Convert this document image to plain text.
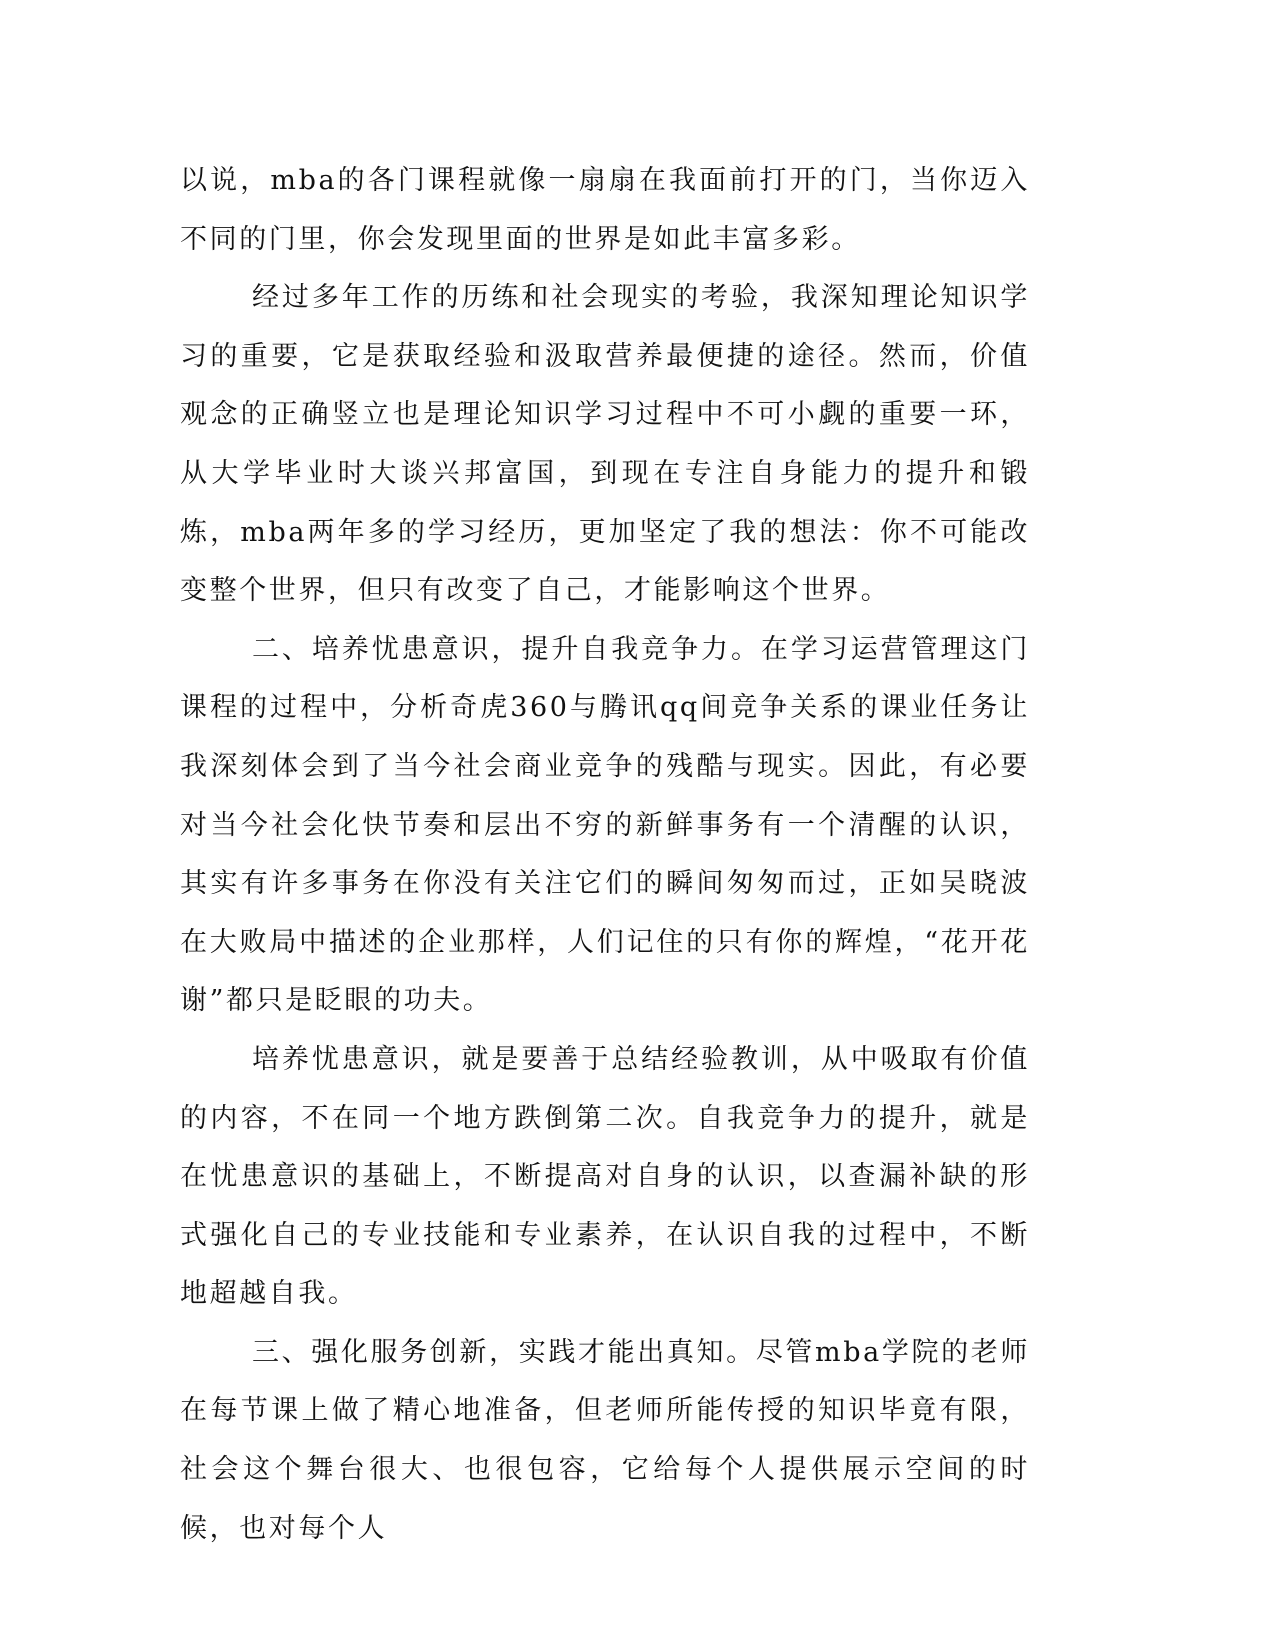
以说，mba的各门课程就像一扇扇在我面前打开的门，当你迈入不同的门里，你会发现里面的世界是如此丰富多彩。

经过多年工作的历练和社会现实的考验，我深知理论知识学习的重要，它是获取经验和汲取营养最便捷的途径。然而，价值观念的正确竖立也是理论知识学习过程中不可小觑的重要一环，从大学毕业时大谈兴邦富国，到现在专注自身能力的提升和锻炼，mba两年多的学习经历，更加坚定了我的想法：你不可能改变整个世界，但只有改变了自己，才能影响这个世界。

二、培养忧患意识，提升自我竞争力。在学习运营管理这门课程的过程中，分析奇虎360与腾讯qq间竞争关系的课业任务让我深刻体会到了当今社会商业竞争的残酷与现实。因此，有必要对当今社会化快节奏和层出不穷的新鲜事务有一个清醒的认识，其实有许多事务在你没有关注它们的瞬间匆匆而过，正如吴晓波在大败局中描述的企业那样，人们记住的只有你的辉煌，“花开花谢”都只是眨眼的功夫。

培养忧患意识，就是要善于总结经验教训，从中吸取有价值的内容，不在同一个地方跌倒第二次。自我竞争力的提升，就是在忧患意识的基础上，不断提高对自身的认识，以查漏补缺的形式强化自己的专业技能和专业素养，在认识自我的过程中，不断地超越自我。

三、强化服务创新，实践才能出真知。尽管mba学院的老师在每节课上做了精心地准备，但老师所能传授的知识毕竟有限，社会这个舞台很大、也很包容，它给每个人提供展示空间的时候，也对每个人
